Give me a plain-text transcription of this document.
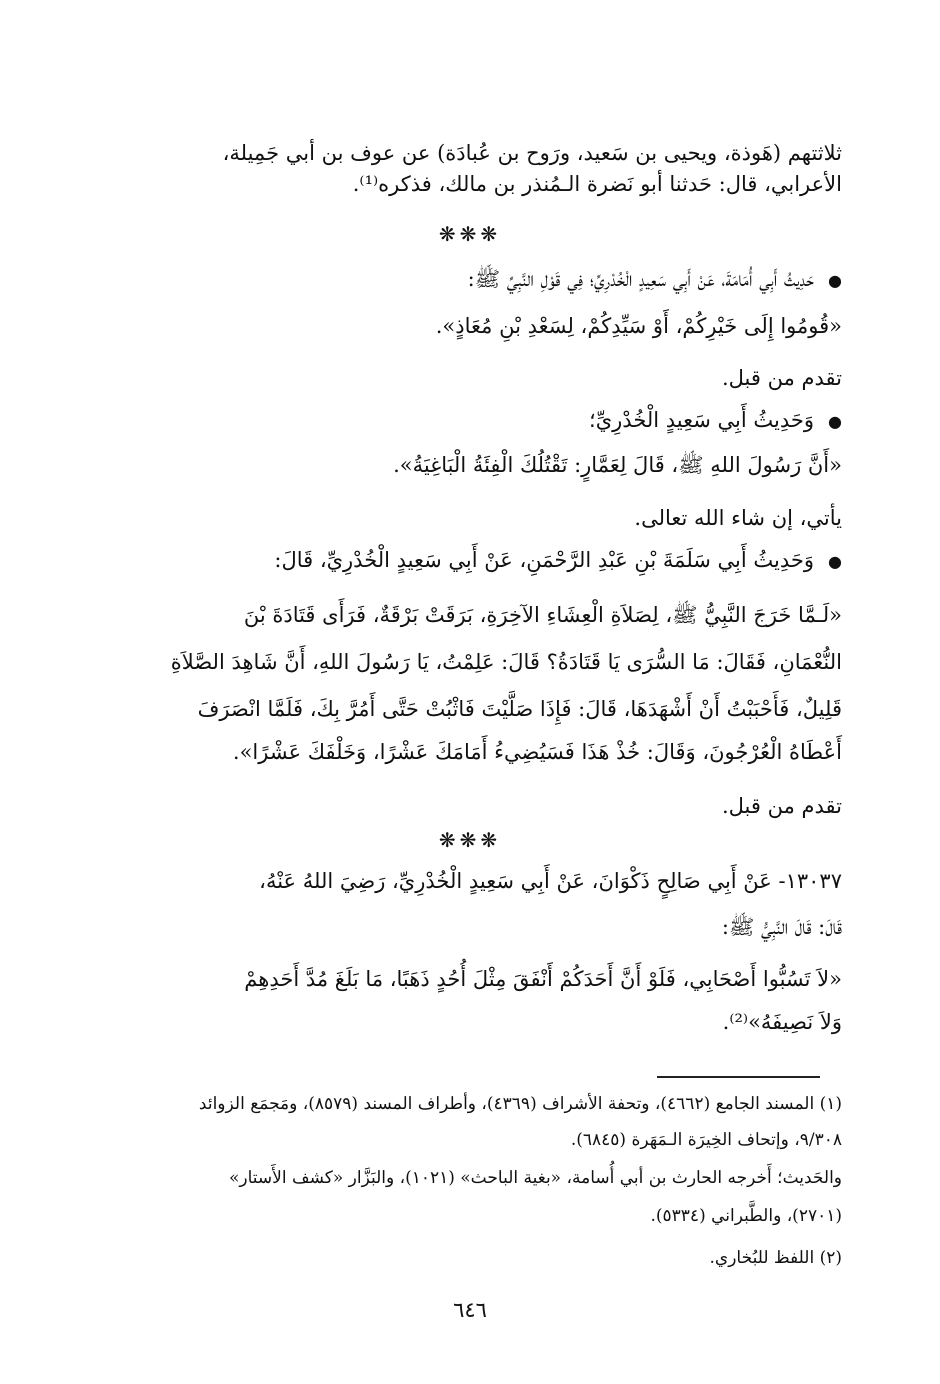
ثلاثتهم (هَوذة، ويحيى بن سَعيد، ورَوح بن عُبادَة) عن عوف بن أبي جَمِيلة،
الأعرابي، قال: حَدثنا أبو نَضرة الـمُنذر بن مالك، فذكره⁽¹⁾.
❋❋❋
●حَدِيثُ أَبِي أُمَامَةَ، عَنْ أَبِي سَعِيدٍ الْخُدْرِيِّ؛ فِي قَوْلِ النَّبِيِّ ﷺ:
«قُومُوا إِلَى خَيْرِكُمْ، أَوْ سَيِّدِكُمْ، لِسَعْدِ بْنِ مُعَاذٍ».
تقدم من قبل.
●وَحَدِيثُ أَبِي سَعِيدٍ الْخُدْرِيِّ؛
«أَنَّ رَسُولَ اللهِ ﷺ، قَالَ لِعَمَّارٍ: تَقْتُلُكَ الْفِئَةُ الْبَاغِيَةُ».
يأتي، إن شاء الله تعالى.
●وَحَدِيثُ أَبِي سَلَمَةَ بْنِ عَبْدِ الرَّحْمَنِ، عَنْ أَبِي سَعِيدٍ الْخُدْرِيِّ، قَالَ:
«لَـمَّا خَرَجَ النَّبِيُّ ﷺ، لِصَلاَةِ الْعِشَاءِ الآخِرَةِ، بَرَقَتْ بَرْقَةٌ، فَرَأَى قَتَادَةَ بْنَ
النُّعْمَانِ، فَقَالَ: مَا السُّرَى يَا قَتَادَةُ؟ قَالَ: عَلِمْتُ، يَا رَسُولَ اللهِ، أَنَّ شَاهِدَ الصَّلاَةِ
قَلِيلٌ، فَأَحْبَبْتُ أَنْ أَشْهَدَهَا، قَالَ: فَإِذَا صَلَّيْتَ فَاثْبُتْ حَتَّى أَمُرَّ بِكَ، فَلَمَّا انْصَرَفَ
أَعْطَاهُ الْعُرْجُونَ، وَقَالَ: خُذْ هَذَا فَسَيُضِيءُ أَمَامَكَ عَشْرًا، وَخَلْفَكَ عَشْرًا».
تقدم من قبل.
❋❋❋
١٣٠٣٧- عَنْ أَبِي صَالِحٍ ذَكْوَانَ، عَنْ أَبِي سَعِيدٍ الْخُدْرِيِّ، رَضِيَ اللهُ عَنْهُ،
قَالَ: قَالَ النَّبِيُّ ﷺ:
«لاَ تَسُبُّوا أَصْحَابِي، فَلَوْ أَنَّ أَحَدَكُمْ أَنْفَقَ مِثْلَ أُحُدٍ ذَهَبًا، مَا بَلَغَ مُدَّ أَحَدِهِمْ
وَلاَ نَصِيفَهُ»⁽²⁾.
(١) المسند الجامع (٤٦٦٢)، وتحفة الأشراف (٤٣٦٩)، وأطراف المسند (٨٥٧٩)، ومَجمَع الزوائد
٩/٣٠٨، وإتحاف الخِيرَة الـمَهَرة (٦٨٤٥).
والحَديث؛ أَخرجه الحارث بن أبي أُسامة، «بغية الباحث» (١٠٢١)، والبَزَّار «كشف الأَستار»
(٢٧٠١)، والطَّبراني (٥٣٣٤).
(٢) اللفظ للبُخاري.
٦٤٦
